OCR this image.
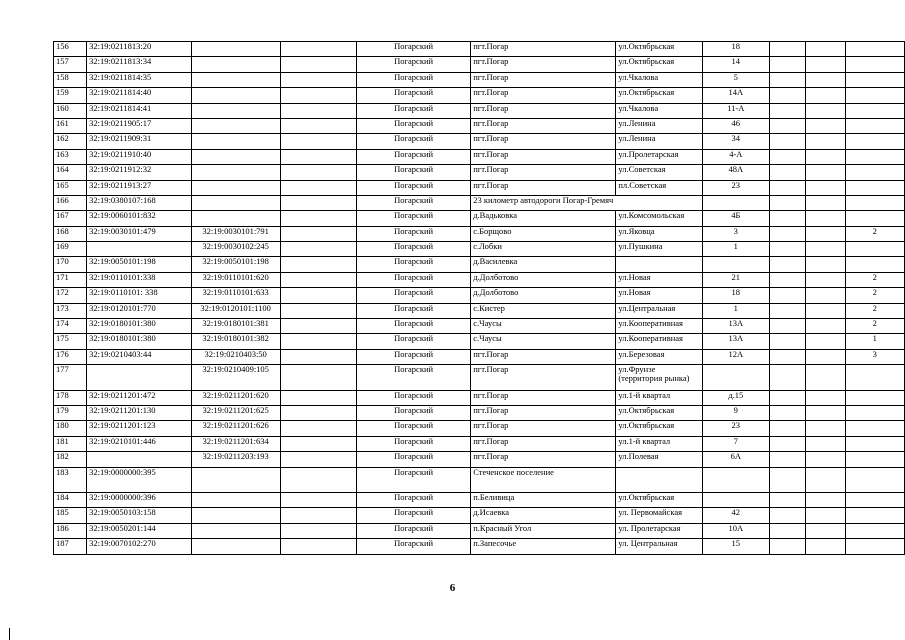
156	32:19:0211813:20			Погарский	пгт.Погар	ул.Октябрьская	18			
157	32:19:0211813:34			Погарский	пгт.Погар	ул.Октябрьская	14			
158	32:19:0211814:35			Погарский	пгт.Погар	ул.Чкалова	5			
159	32:19:0211814:40			Погарский	пгт.Погар	ул.Октябрьская	14А			
160	32:19:0211814:41			Погарский	пгт.Погар	ул.Чкалова	11-А			
161	32:19:0211905:17			Погарский	пгт.Погар	ул.Ленина	46			
162	32:19:0211909:31			Погарский	пгт.Погар	ул.Ленина	34			
163	32:19:0211910:40			Погарский	пгт.Погар	ул.Пролетарская	4-А			
164	32:19:0211912:32			Погарский	пгт.Погар	ул.Советская	48А			
165	32:19:0211913:27			Погарский	пгт.Погар	пл.Советская	23			
166	32:19:0380107:168			Погарский	23 километр автодороги Погар-Гремяч					
167	32:19:0060101:832			Погарский	д.Вадьковка	ул.Комсомольская	4Б			
168	32:19:0030101:479	32:19:0030101:791		Погарский	с.Борщово	ул.Яковца	3			2
169		32:19:0030102:245		Погарский	с.Лобки	ул.Пушкина	1			
170	32:19:0050101:198	32:19:0050101:198		Погарский	д.Василевка					
171	32:19:0110101:338	32:19:0110101:620		Погарский	д.Долботово	ул.Новая	21			2
172	32:19:0110101: 338	32:19:0110101:633		Погарский	д.Долботово	ул.Новая	18			2
173	32:19:0120101:770	32:19:0120101:1100		Погарский	с.Кистер	ул.Центральная	1			2
174	32:19:0180101:380	32:19:0180101:381		Погарский	с.Чаусы	ул.Кооперативная	13А			2
175	32:19:0180101:380	32:19:0180101:382		Погарский	с.Чаусы	ул.Кооперативная	13А			1
176	32:19:0210403:44	32:19:0210403:50		Погарский	пгт.Погар	ул.Березовая	12А			3
177		32:19:0210409:105		Погарский	пгт.Погар	ул.Фрунзе (территория рынка)				
178	32:19:0211201:472	32:19:0211201:620		Погарский	пгт.Погар	ул.1-й квартал	д.15			
179	32:19:0211201:130	32:19:0211201:625		Погарский	пгт.Погар	ул.Октябрьская	9			
180	32:19:0211201:123	32:19:0211201:626		Погарский	пгт.Погар	ул.Октябрьская	23			
181	32:19:0210101:446	32:19:0211201:634		Погарский	пгт.Погар	ул.1-й квартал	7			
182		32:19:0211203:193		Погарский	пгт.Погар	ул.Полевая	6А			
183	32:19:0000000:395			Погарский	Стеченское поселение					
184	32:19:0000000:396			Погарский	п.Беливица	ул.Октябрьская				
185	32:19:0050103:158			Погарский	д.Исаевка	ул. Первомайская	42			
186	32:19:0050201:144			Погарский	п.Красный Угол	ул. Пролетарская	10А			
187	32:19:0070102:270			Погарский	п.Запесочье	ул. Центральная	15			
6
